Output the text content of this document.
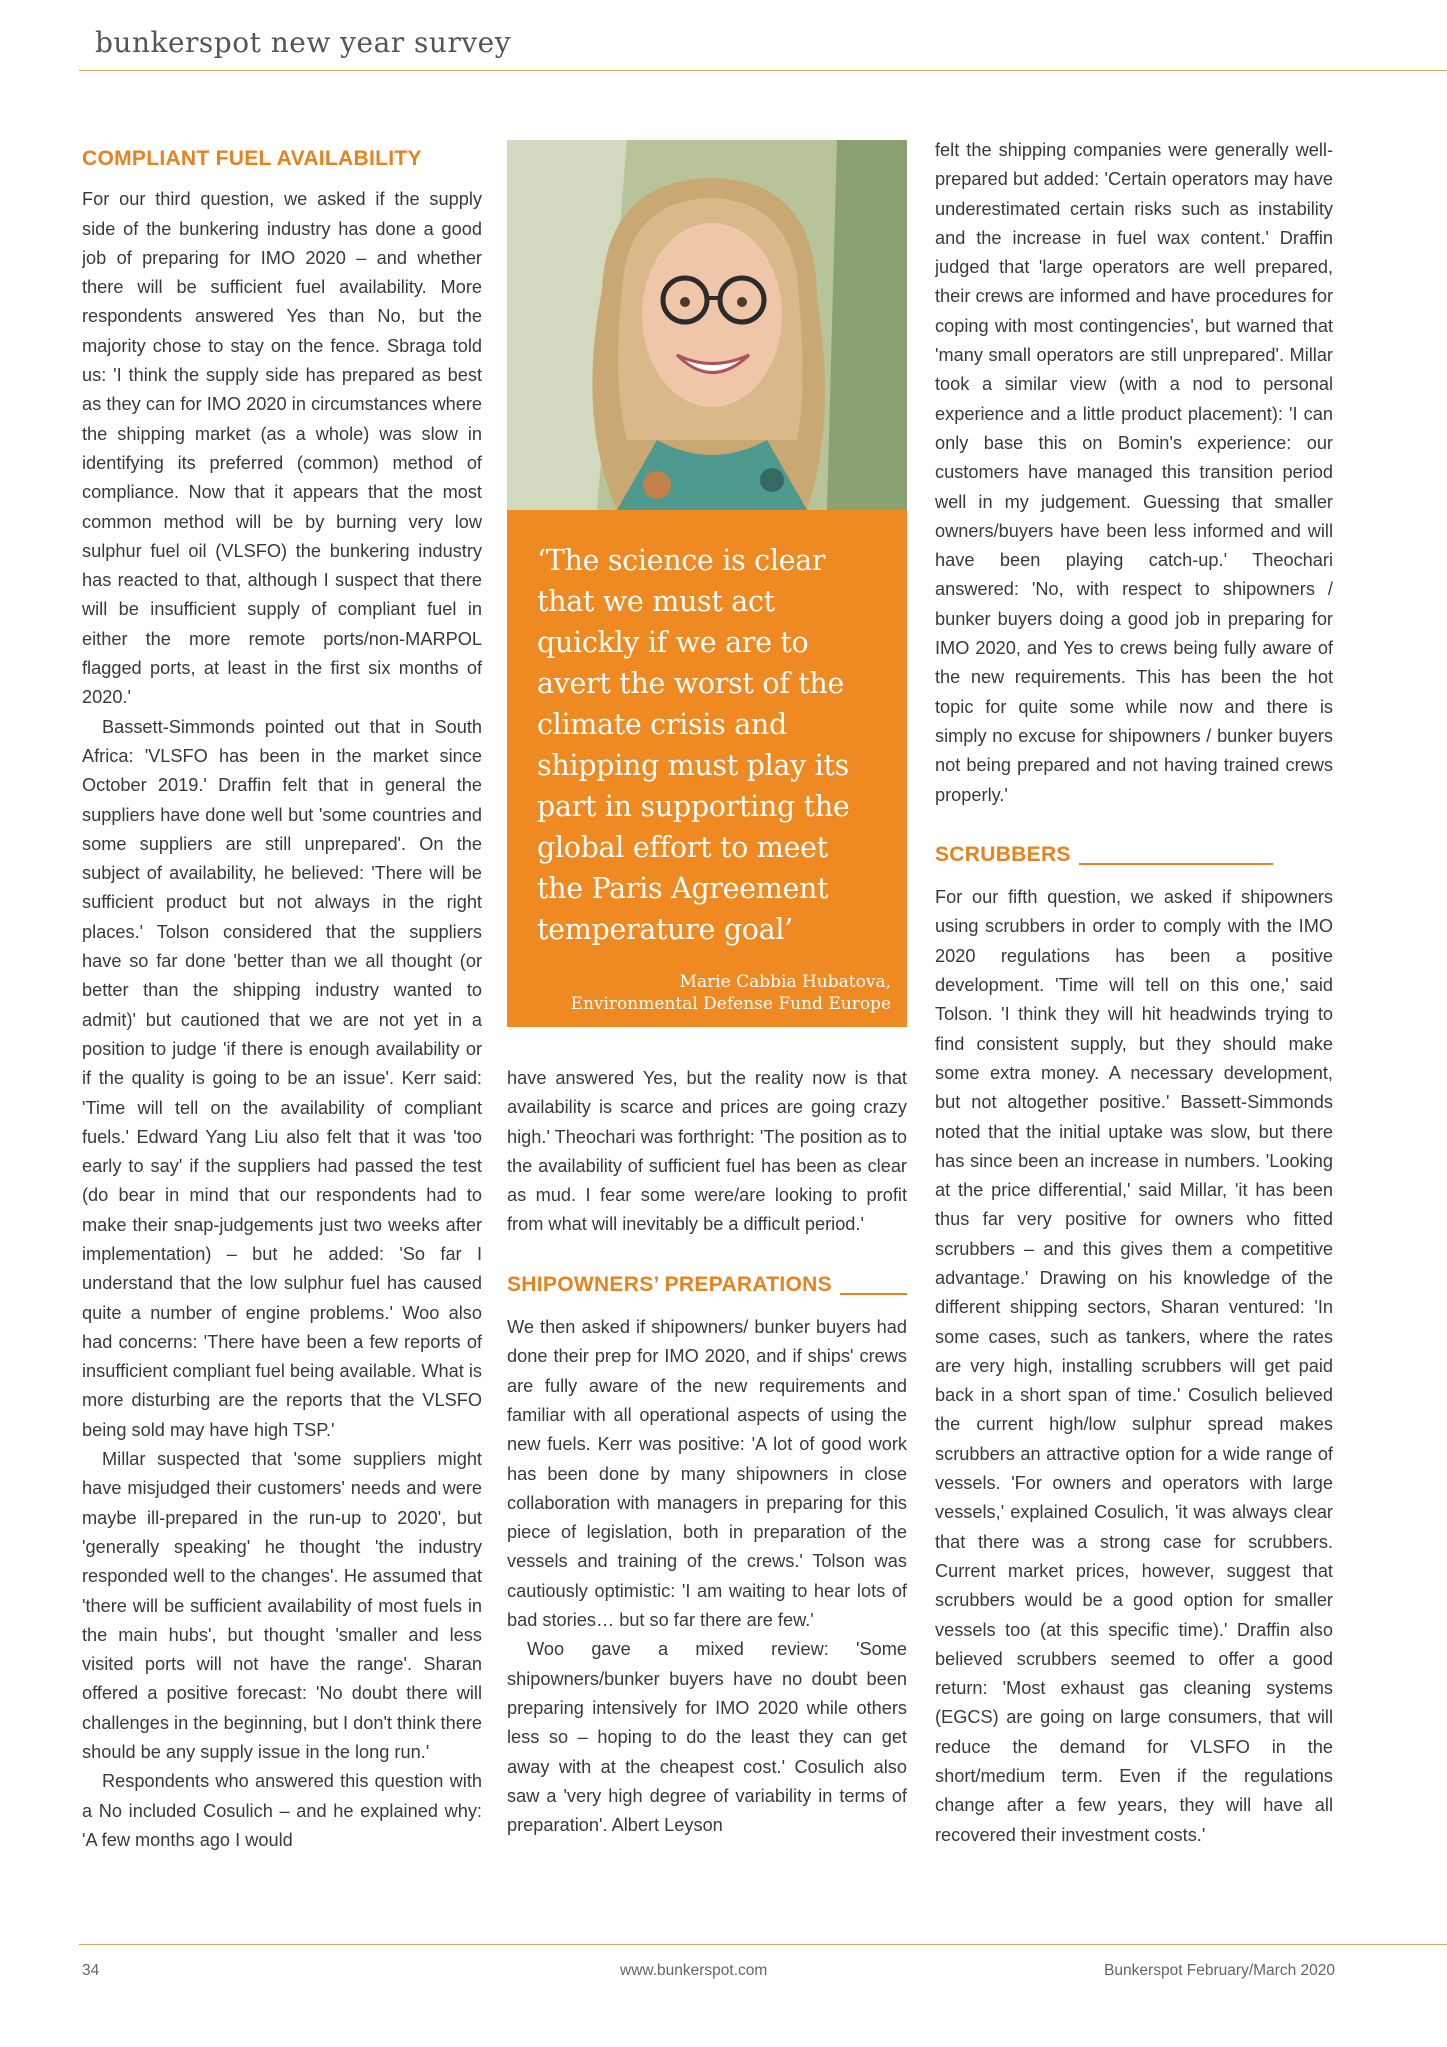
bunkerspot new year survey
COMPLIANT FUEL AVAILABILITY

For our third question, we asked if the supply side of the bunkering industry has done a good job of preparing for IMO 2020 – and whether there will be sufficient fuel availability. More respondents answered Yes than No, but the majority chose to stay on the fence. Sbraga told us: 'I think the supply side has prepared as best as they can for IMO 2020 in circumstances where the shipping market (as a whole) was slow in identifying its preferred (common) method of compliance. Now that it appears that the most common method will be by burning very low sulphur fuel oil (VLSFO) the bunkering industry has reacted to that, although I suspect that there will be insufficient supply of compliant fuel in either the more remote ports/non-MARPOL flagged ports, at least in the first six months of 2020.'

Bassett-Simmonds pointed out that in South Africa: 'VLSFO has been in the market since October 2019.' Draffin felt that in general the suppliers have done well but 'some countries and some suppliers are still unprepared'. On the subject of availability, he believed: 'There will be sufficient product but not always in the right places.' Tolson considered that the suppliers have so far done 'better than we all thought (or better than the shipping industry wanted to admit)' but cautioned that we are not yet in a position to judge 'if there is enough availability or if the quality is going to be an issue'. Kerr said: 'Time will tell on the availability of compliant fuels.' Edward Yang Liu also felt that it was 'too early to say' if the suppliers had passed the test (do bear in mind that our respondents had to make their snap-judgements just two weeks after implementation) – but he added: 'So far I understand that the low sulphur fuel has caused quite a number of engine problems.' Woo also had concerns: 'There have been a few reports of insufficient compliant fuel being available. What is more disturbing are the reports that the VLSFO being sold may have high TSP.'

Millar suspected that 'some suppliers might have misjudged their customers' needs and were maybe ill-prepared in the run-up to 2020', but 'generally speaking' he thought 'the industry responded well to the changes'. He assumed that 'there will be sufficient availability of most fuels in the main hubs', but thought 'smaller and less visited ports will not have the range'. Sharan offered a positive forecast: 'No doubt there will challenges in the beginning, but I don't think there should be any supply issue in the long run.'

Respondents who answered this question with a No included Cosulich – and he explained why: 'A few months ago I would

‘The science is clear that we must act quickly if we are to avert the worst of the climate crisis and shipping must play its part in supporting the global effort to meet the Paris Agreement temperature goal’
Marie Cabbia Hubatova,
Environmental Defense Fund Europe

have answered Yes, but the reality now is that availability is scarce and prices are going crazy high.' Theochari was forthright: 'The position as to the availability of sufficient fuel has been as clear as mud. I fear some were/are looking to profit from what will inevitably be a difficult period.'

SHIPOWNERS’ PREPARATIONS

We then asked if shipowners/ bunker buyers had done their prep for IMO 2020, and if ships' crews are fully aware of the new requirements and familiar with all operational aspects of using the new fuels. Kerr was positive: 'A lot of good work has been done by many shipowners in close collaboration with managers in preparing for this piece of legislation, both in preparation of the vessels and training of the crews.' Tolson was cautiously optimistic: 'I am waiting to hear lots of bad stories… but so far there are few.'

Woo gave a mixed review: 'Some shipowners/bunker buyers have no doubt been preparing intensively for IMO 2020 while others less so – hoping to do the least they can get away with at the cheapest cost.' Cosulich also saw a 'very high degree of variability in terms of preparation'. Albert Leyson

felt the shipping companies were generally well-prepared but added: 'Certain operators may have underestimated certain risks such as instability and the increase in fuel wax content.' Draffin judged that 'large operators are well prepared, their crews are informed and have procedures for coping with most contingencies', but warned that 'many small operators are still unprepared'. Millar took a similar view (with a nod to personal experience and a little product placement): 'I can only base this on Bomin's experience: our customers have managed this transition period well in my judgement. Guessing that smaller owners/buyers have been less informed and will have been playing catch-up.' Theochari answered: 'No, with respect to shipowners / bunker buyers doing a good job in preparing for IMO 2020, and Yes to crews being fully aware of the new requirements. This has been the hot topic for quite some while now and there is simply no excuse for shipowners / bunker buyers not being prepared and not having trained crews properly.'

SCRUBBERS

For our fifth question, we asked if shipowners using scrubbers in order to comply with the IMO 2020 regulations has been a positive development. 'Time will tell on this one,' said Tolson. 'I think they will hit headwinds trying to find consistent supply, but they should make some extra money. A necessary development, but not altogether positive.' Bassett-Simmonds noted that the initial uptake was slow, but there has since been an increase in numbers. 'Looking at the price differential,' said Millar, 'it has been thus far very positive for owners who fitted scrubbers – and this gives them a competitive advantage.' Drawing on his knowledge of the different shipping sectors, Sharan ventured: 'In some cases, such as tankers, where the rates are very high, installing scrubbers will get paid back in a short span of time.' Cosulich believed the current high/low sulphur spread makes scrubbers an attractive option for a wide range of vessels. 'For owners and operators with large vessels,' explained Cosulich, 'it was always clear that there was a strong case for scrubbers. Current market prices, however, suggest that scrubbers would be a good option for smaller vessels too (at this specific time).' Draffin also believed scrubbers seemed to offer a good return: 'Most exhaust gas cleaning systems (EGCS) are going on large consumers, that will reduce the demand for VLSFO in the short/medium term. Even if the regulations change after a few years, they will have all recovered their investment costs.'

34	www.bunkerspot.com	Bunkerspot February/March 2020
